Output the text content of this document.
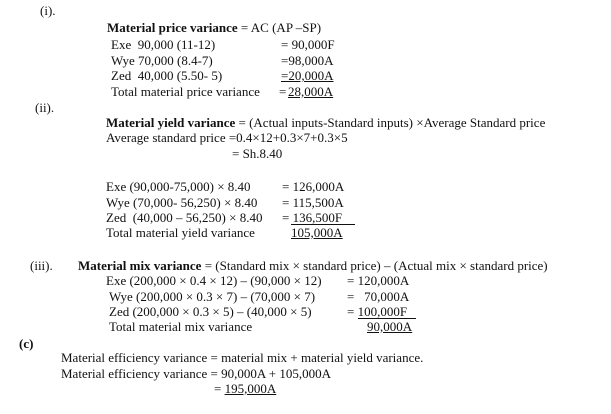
(i).
Material price variance = AC (AP –SP)
Exe  90,000 (11-12)	= 90,000F
Wye 70,000 (8.4-7)	=98,000A
Zed  40,000 (5.50- 5)	=20,000A
Total material price variance = 28,000A
(ii).
Material yield variance = (Actual inputs-Standard inputs) ×Average Standard price
Average standard price =0.4×12+0.3×7+0.3×5
= Sh.8.40
Exe (90,000-75,000) × 8.40 = 126,000A
Wye (70,000- 56,250) × 8.40 = 115,500A
Zed  (40,000 – 56,250) × 8.40 = 136,500F
Total material yield variance	105,000A
(iii). Material mix variance = (Standard mix × standard price) – (Actual mix × standard price)
Exe (200,000 × 0.4 × 12) – (90,000 × 12) = 120,000A
Wye (200,000 × 0.3 × 7) – (70,000 × 7) =   70,000A
Zed (200,000 × 0.3 × 5) – (40,000 × 5)	= 100,000F
Total material mix variance	90,000A
(c)
Material efficiency variance = material mix + material yield variance.
Material efficiency variance = 90,000A + 105,000A
= 195,000A
